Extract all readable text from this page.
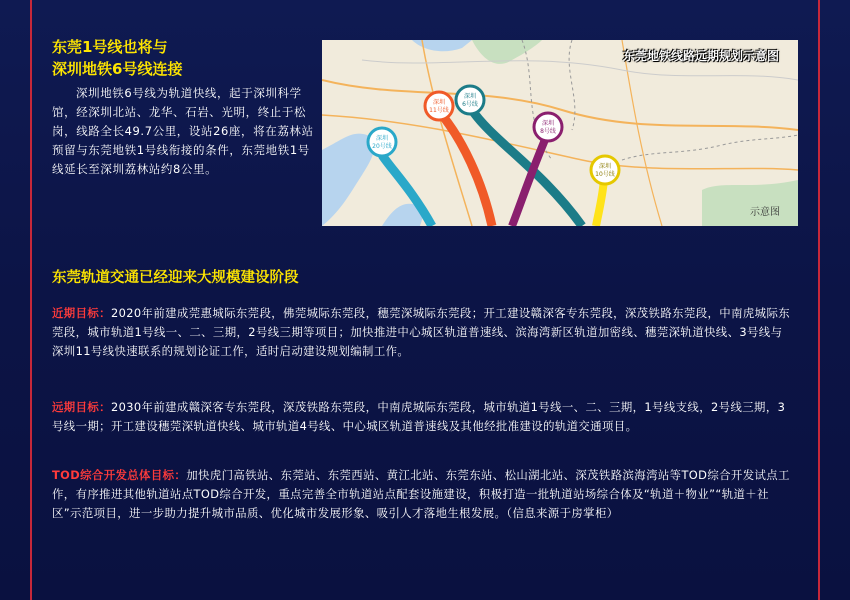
东莞1号线也将与
深圳地铁6号线连接
深圳地铁6号线为轨道快线，起于深圳科学馆，经深圳北站、龙华、石岩、光明，终止于松岗，线路全长49.7公里，设站26座，将在荔林站预留与东莞地铁1号线衔接的条件，东莞地铁1号线延长至深圳荔林站约8公里。
深圳
20号线
深圳
11号线
深圳
6号线
深圳
8号线
深圳
10号线
东莞地铁线路远期规划示意图
示意图
东莞轨道交通已经迎来大规模建设阶段
近期目标：2020年前建成莞惠城际东莞段，佛莞城际东莞段，穗莞深城际东莞段；开工建设赣深客专东莞段，深茂铁路东莞段，中南虎城际东莞段，城市轨道1号线一、二、三期，2号线三期等项目；加快推进中心城区轨道普速线、滨海湾新区轨道加密线、穗莞深轨道快线、3号线与深圳11号线快速联系的规划论证工作，适时启动建设规划编制工作。
远期目标：2030年前建成赣深客专东莞段，深茂铁路东莞段，中南虎城际东莞段，城市轨道1号线一、二、三期，1号线支线，2号线三期，3号线一期；开工建设穗莞深轨道快线、城市轨道4号线、中心城区轨道普速线及其他经批准建设的轨道交通项目。
TOD综合开发总体目标：加快虎门高铁站、东莞站、东莞西站、黄江北站、东莞东站、松山湖北站、深茂铁路滨海湾站等TOD综合开发试点工作，有序推进其他轨道站点TOD综合开发，重点完善全市轨道站点配套设施建设，积极打造一批轨道站场综合体及“轨道＋物业”“轨道＋社区”示范项目，进一步助力提升城市品质、优化城市发展形象、吸引人才落地生根发展。（信息来源于房掌柜）
